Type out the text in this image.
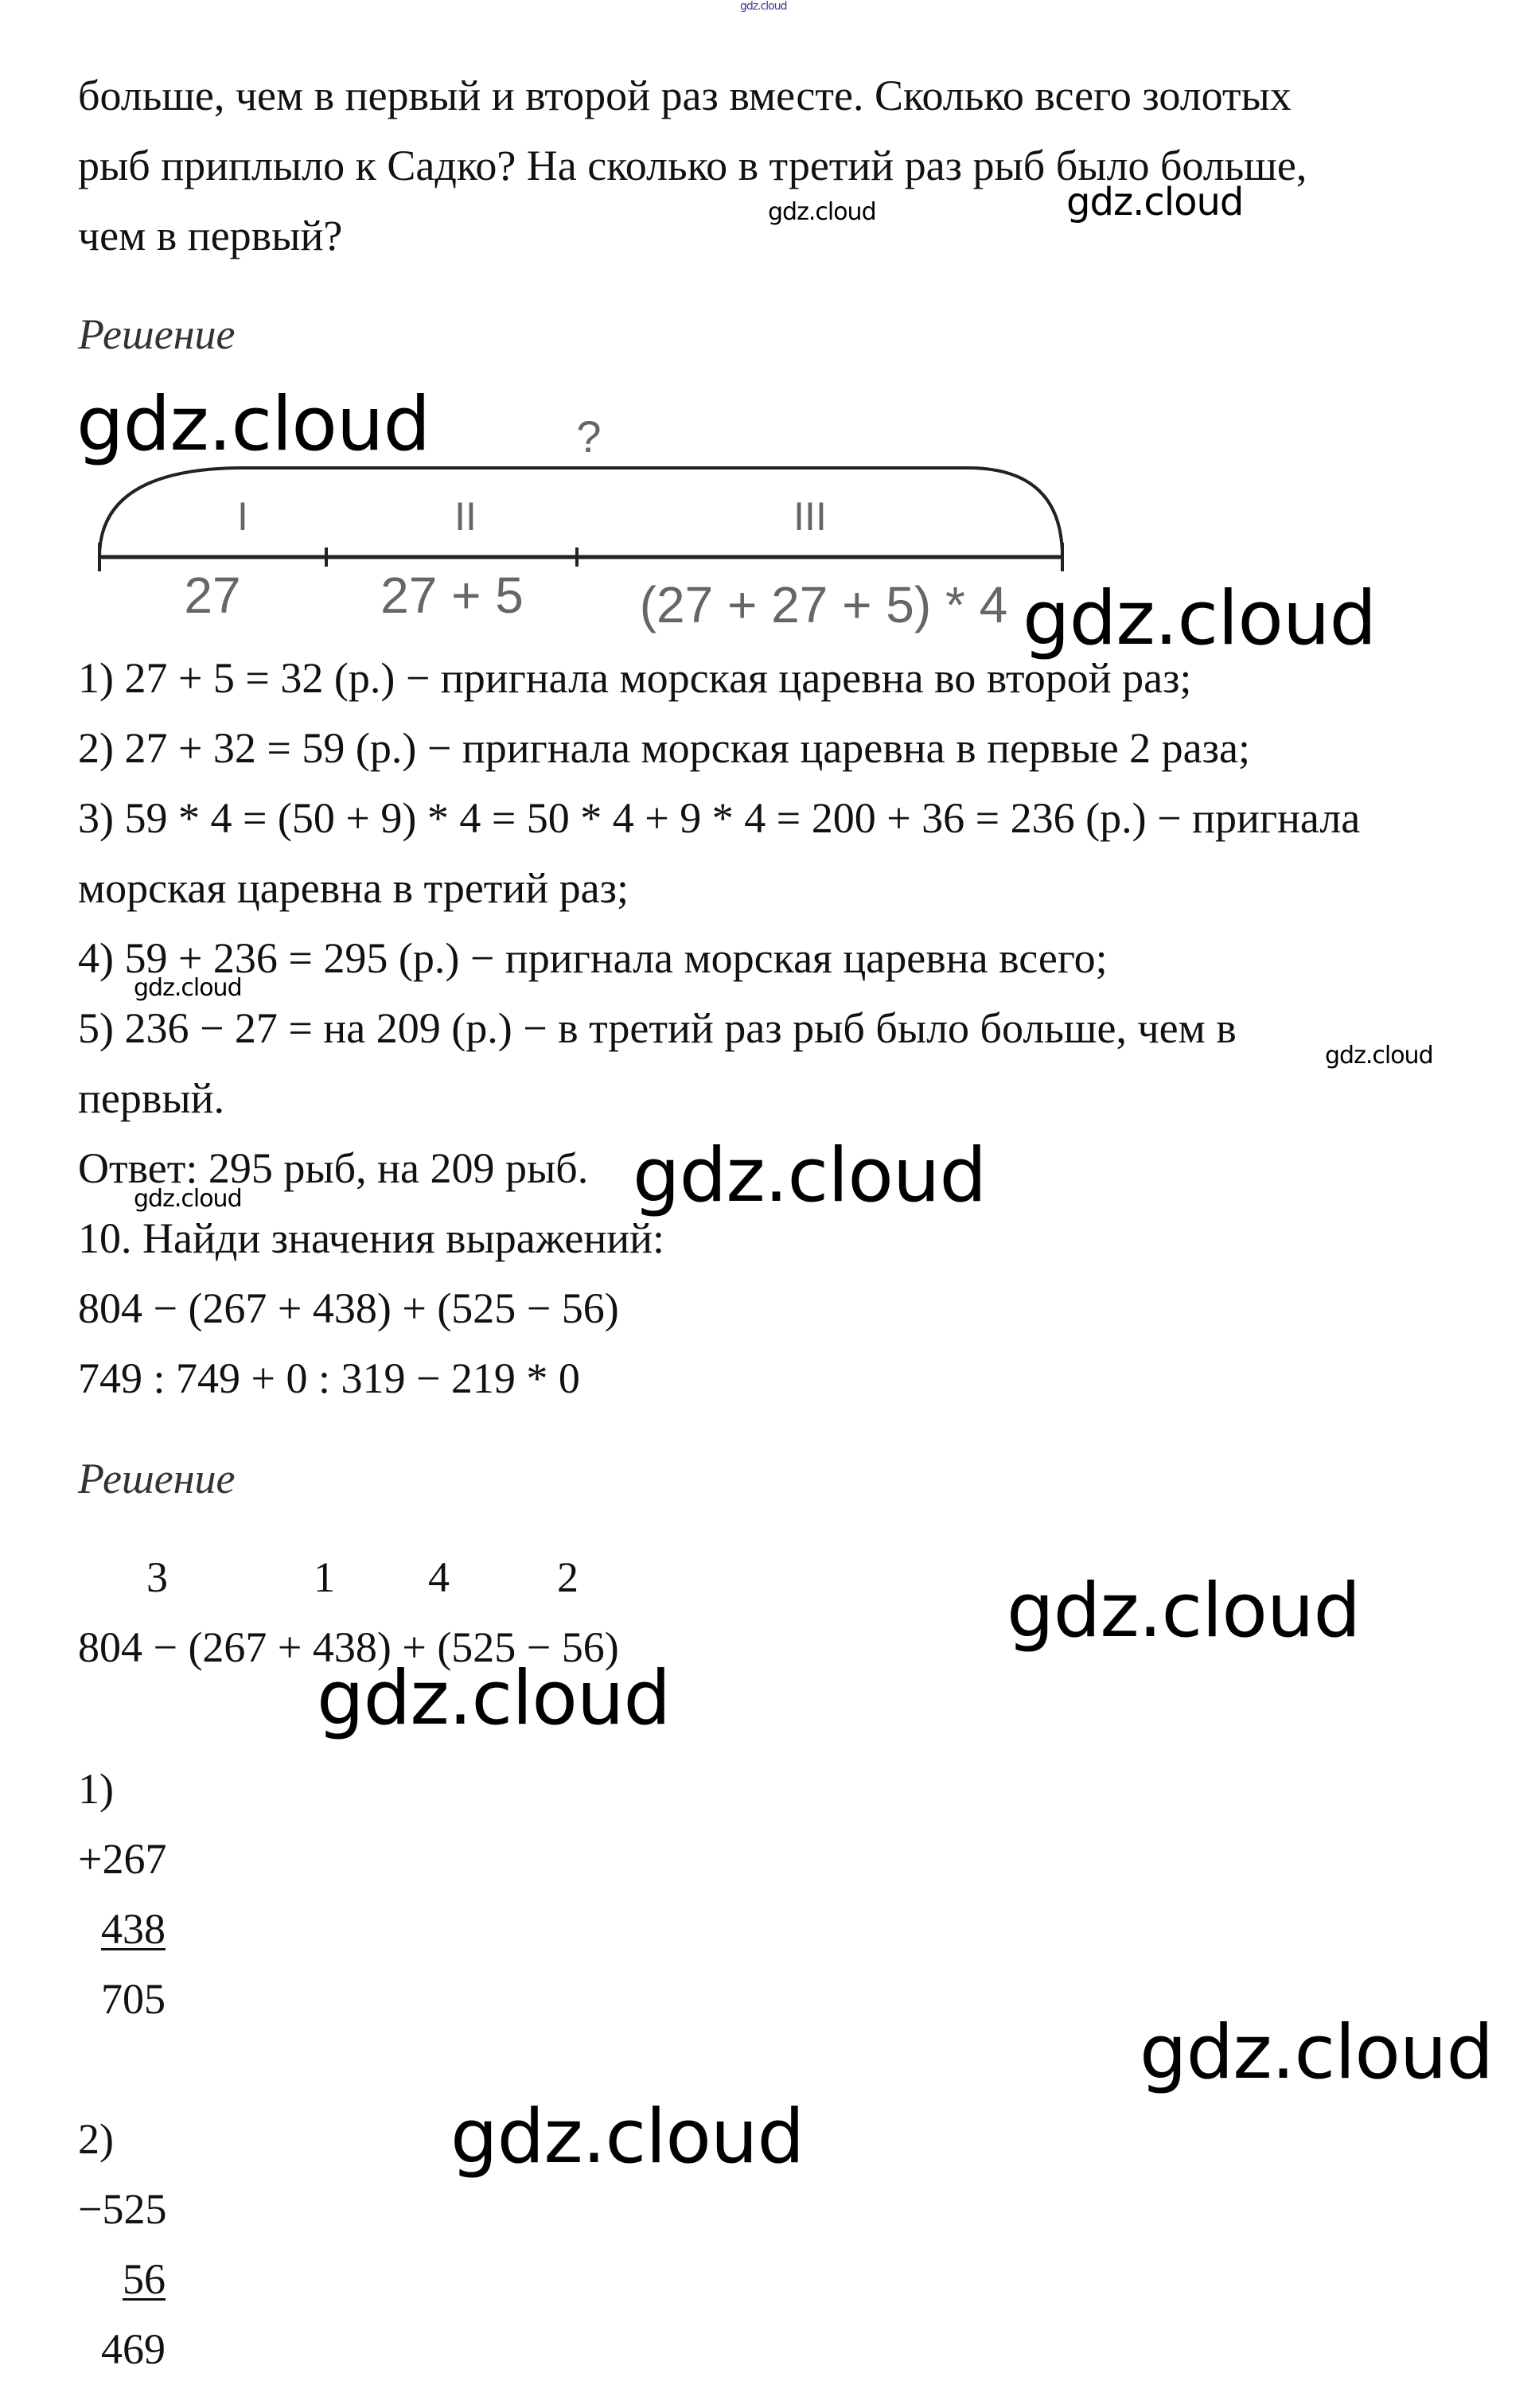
gdz.cloud
больше, чем в первый и второй раз вместе. Сколько всего золотых
рыб приплыло к Садко? На сколько в третий раз рыб было больше,
чем в первый?	gdz.cloud	gdz.cloud
Решение
gdz.cloud	?
I	II	III
27	27 + 5 (27 + 27 + 5) * 4 gdz.cloud
1) 27 + 5 = 32 (р.) − пригнала морская царевна во второй раз;
2) 27 + 32 = 59 (р.) − пригнала морская царевна в первые 2 раза;
3) 59 * 4 = (50 + 9) * 4 = 50 * 4 + 9 * 4 = 200 + 36 = 236 (р.) − пригнала
морская царевна в третий раз;
4) 59 + 236 = 295 (р.) − пригнала морская царевна всего;
gdz.cloud
5) 236 − 27 = на 209 (р.) − в третий раз рыб было больше, чем в
gdz.cloud
первый.
Ответ: 295 рыб, на 209 рыб. gdz.cloud
gdz.cloud
10. Найди значения выражений:
804 − (267 + 438) + (525 − 56)
749 : 749 + 0 : 319 − 219 * 0
Решение
3	1 4	2
804 − (267 + 438) + (525 − 56)	gdz.cloud
gdz.cloud
1)
+267
438
705
gdz.cloud
2)	gdz.cloud
−525
56
469
